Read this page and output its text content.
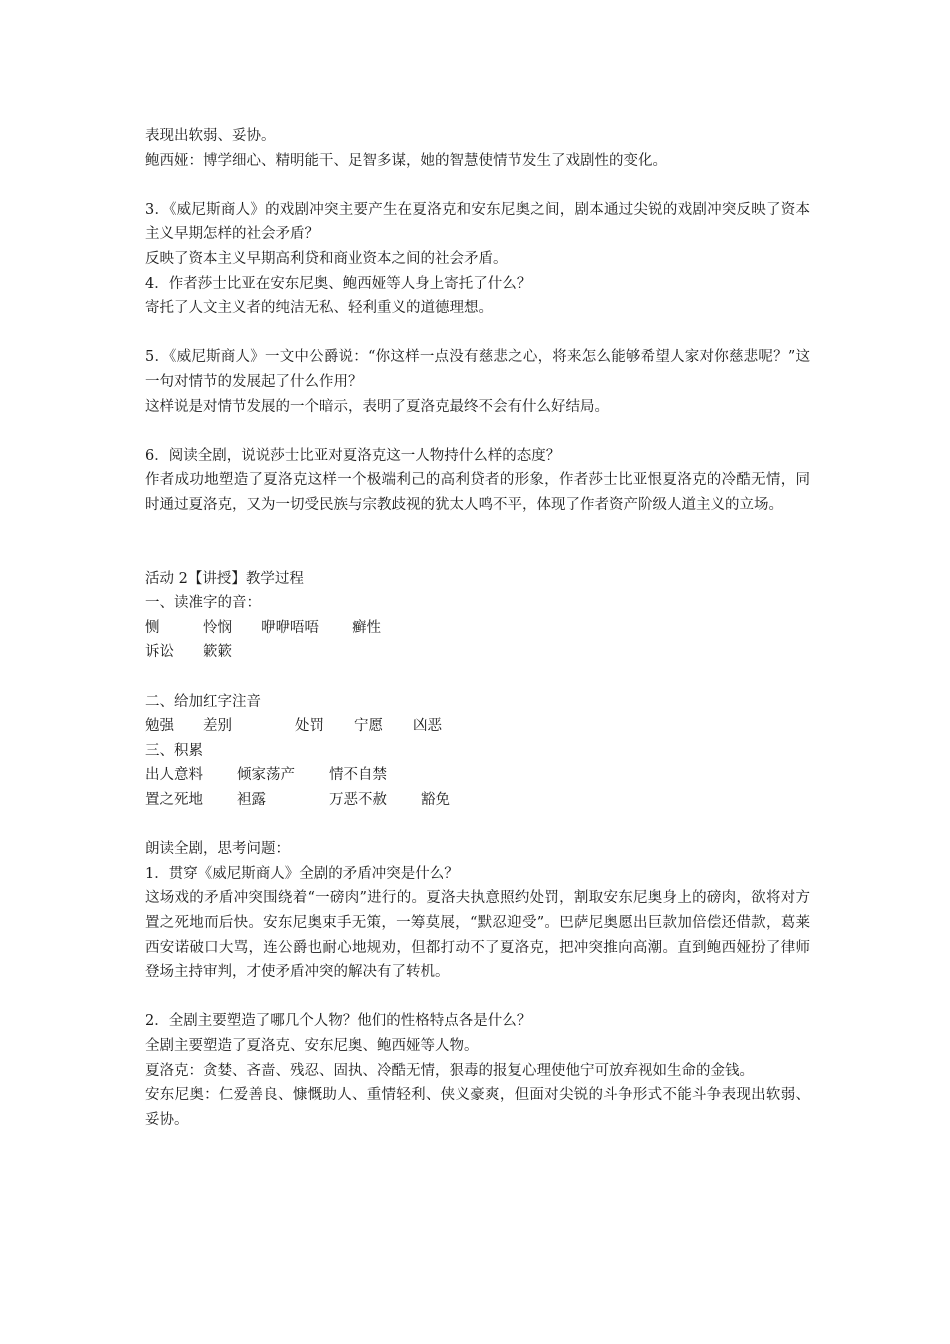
表现出软弱、妥协。
鲍西娅：博学细心、精明能干、足智多谋，她的智慧使情节发生了戏剧性的变化。
3．《威尼斯商人》的戏剧冲突主要产生在夏洛克和安东尼奥之间，剧本通过尖锐的戏剧冲突反映了资本主义早期怎样的社会矛盾？
反映了资本主义早期高利贷和商业资本之间的社会矛盾。
4．作者莎士比亚在安东尼奥、鲍西娅等人身上寄托了什么？
寄托了人文主义者的纯洁无私、轻利重义的道德理想。
5．《威尼斯商人》一文中公爵说：“你这样一点没有慈悲之心，将来怎么能够希望人家对你慈悲呢？”这一句对情节的发展起了什么作用？
这样说是对情节发展的一个暗示，表明了夏洛克最终不会有什么好结局。
6．阅读全剧，说说莎士比亚对夏洛克这一人物持什么样的态度？
作者成功地塑造了夏洛克这样一个极端利己的高利贷者的形象，作者莎士比亚恨夏洛克的冷酷无情，同时通过夏洛克，又为一切受民族与宗教歧视的犹太人鸣不平，体现了作者资产阶级人道主义的立场。
活动 2【讲授】教学过程
一、读准字的音：
恻	怜悯	咿咿唔唔	癣性
诉讼	簌簌
二、给加红字注音
勉强	差别	处罚	宁愿	凶恶
三、积累
出人意料	倾家荡产	情不自禁
置之死地	袒露	万恶不赦	豁免
朗读全剧，思考问题：
1．贯穿《威尼斯商人》全剧的矛盾冲突是什么？
这场戏的矛盾冲突围绕着“一磅肉”进行的。夏洛夫执意照约处罚，割取安东尼奥身上的磅肉，欲将对方置之死地而后快。安东尼奥束手无策，一筹莫展，“默忍迎受”。巴萨尼奥愿出巨款加倍偿还借款，葛莱西安诺破口大骂，连公爵也耐心地规劝，但都打动不了夏洛克，把冲突推向高潮。直到鲍西娅扮了律师登场主持审判，才使矛盾冲突的解决有了转机。
2．全剧主要塑造了哪几个人物？他们的性格特点各是什么？
全剧主要塑造了夏洛克、安东尼奥、鲍西娅等人物。
夏洛克：贪婪、吝啬、残忍、固执、冷酷无情，狠毒的报复心理使他宁可放弃视如生命的金钱。
安东尼奥：仁爱善良、慷慨助人、重情轻利、侠义豪爽，但面对尖锐的斗争形式不能斗争表现出软弱、妥协。
